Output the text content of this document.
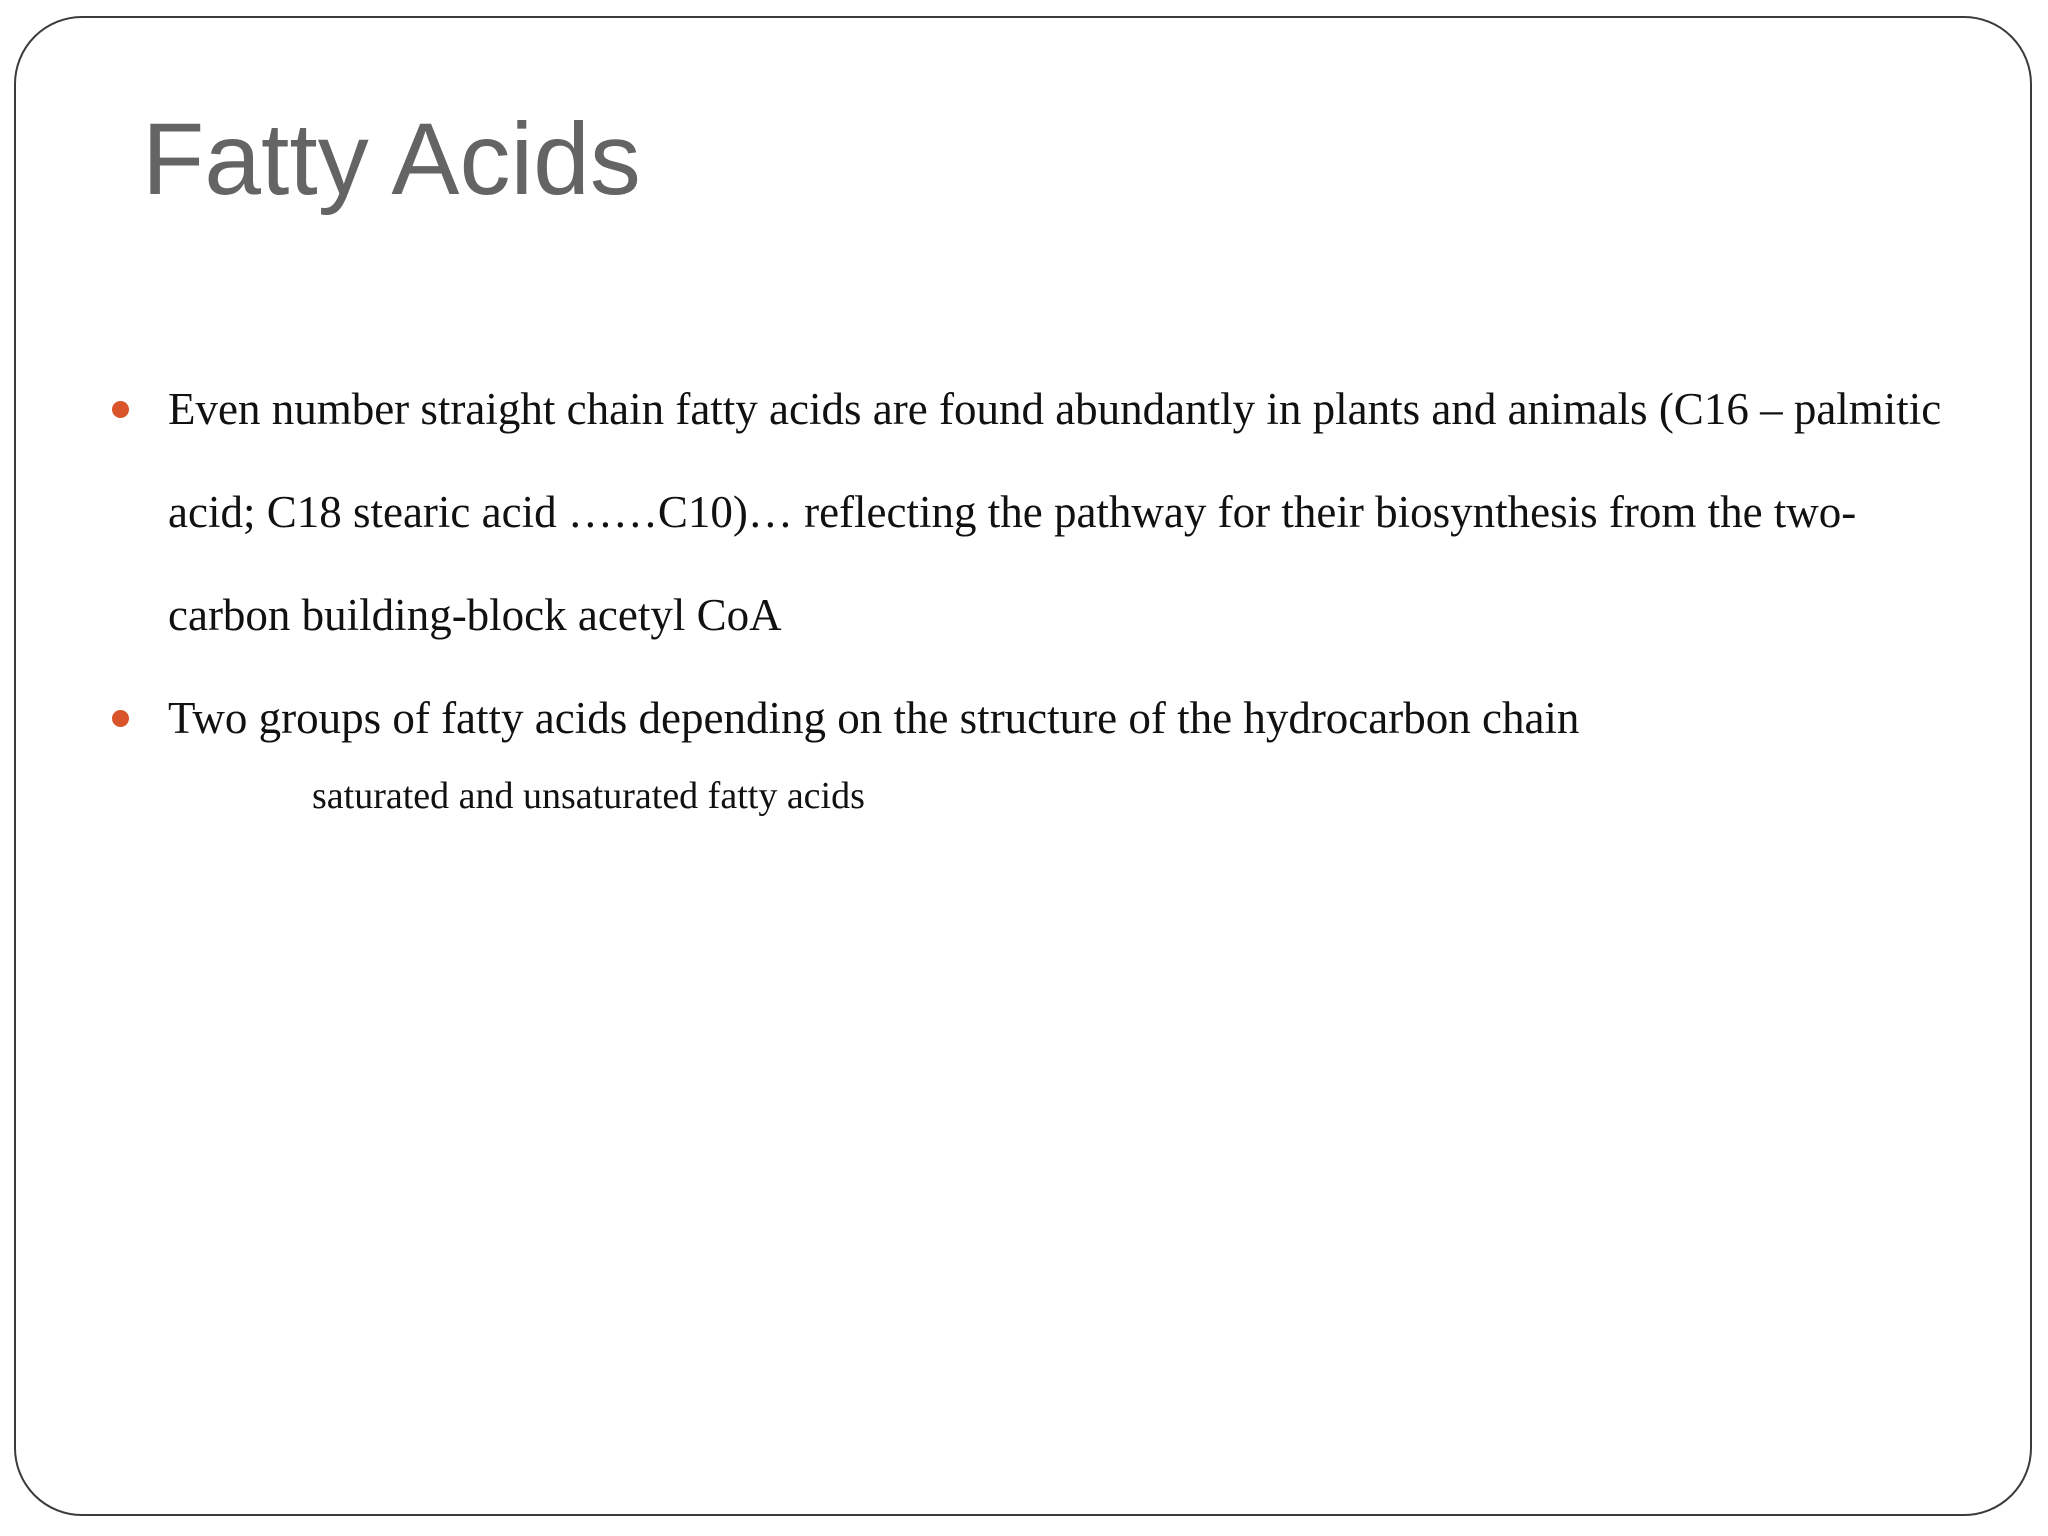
Fatty Acids
Even number straight chain fatty acids are found abundantly in plants and animals (C16 – palmitic acid; C18 stearic acid ……C10)… reflecting the pathway for their biosynthesis from the two-carbon building-block acetyl CoA
Two groups of fatty acids depending on the structure of the hydrocarbon chain
saturated and unsaturated fatty acids
